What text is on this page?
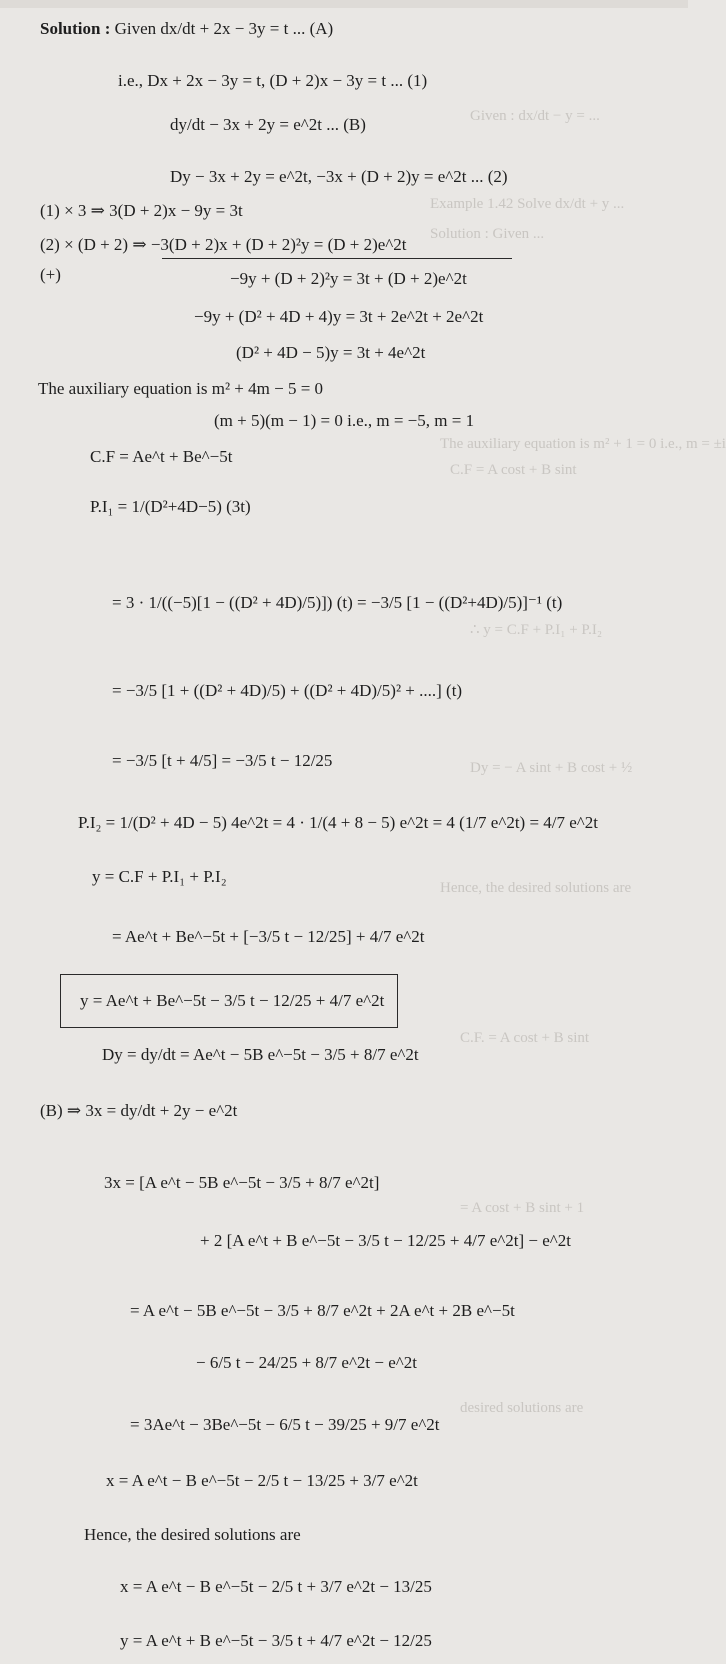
Given : dx/dt − y = ...
Example 1.42 Solve dx/dt + y ...
Solution : Given ...
The auxiliary equation is m² + 1 = 0 i.e., m = ±i
C.F = A cost + B sint
∴ y = C.F + P.I₁ + P.I₂
Dy = − A sint + B cost + ½
Hence, the desired solutions are
C.F. = A cost + B sint
= A cost + B sint + 1
desired solutions are
Solution : Given dx/dt + 2x − 3y = t ... (A)
i.e., Dx + 2x − 3y = t, (D + 2)x − 3y = t ... (1)
dy/dt − 3x + 2y = e^2t ... (B)
Dy − 3x + 2y = e^2t, −3x + (D + 2)y = e^2t ... (2)
(1) × 3 ⇒ 3(D + 2)x − 9y = 3t
(2) × (D + 2) ⇒ −3(D + 2)x + (D + 2)²y = (D + 2)e^2t
(+)	−9y + (D + 2)²y = 3t + (D + 2)e^2t
−9y + (D² + 4D + 4)y = 3t + 2e^2t + 2e^2t
(D² + 4D − 5)y = 3t + 4e^2t
The auxiliary equation is m² + 4m − 5 = 0
(m + 5)(m − 1) = 0 i.e., m = −5, m = 1
C.F = Ae^t + Be^−5t
P.I₁ = 1/(D²+4D−5) (3t)
= 3 · 1/((−5)[1 − ((D² + 4D)/5)]) (t) = −3/5 [1 − ((D²+4D)/5)]⁻¹ (t)
= −3/5 [1 + ((D² + 4D)/5) + ((D² + 4D)/5)² + ....] (t)
= −3/5 [t + 4/5] = −3/5 t − 12/25
P.I₂ = 1/(D² + 4D − 5) 4e^2t = 4 · 1/(4 + 8 − 5) e^2t = 4 (1/7 e^2t) = 4/7 e^2t
y = C.F + P.I₁ + P.I₂
= Ae^t + Be^−5t + [−3/5 t − 12/25] + 4/7 e^2t
y = Ae^t + Be^−5t − 3/5 t − 12/25 + 4/7 e^2t
Dy = dy/dt = Ae^t − 5B e^−5t − 3/5 + 8/7 e^2t
(B) ⇒ 3x = dy/dt + 2y − e^2t
3x = [A e^t − 5B e^−5t − 3/5 + 8/7 e^2t]
+ 2 [A e^t + B e^−5t − 3/5 t − 12/25 + 4/7 e^2t] − e^2t
= A e^t − 5B e^−5t − 3/5 + 8/7 e^2t + 2A e^t + 2B e^−5t
− 6/5 t − 24/25 + 8/7 e^2t − e^2t
= 3Ae^t − 3Be^−5t − 6/5 t − 39/25 + 9/7 e^2t
x = A e^t − B e^−5t − 2/5 t − 13/25 + 3/7 e^2t
Hence, the desired solutions are
x = A e^t − B e^−5t − 2/5 t + 3/7 e^2t − 13/25
y = A e^t + B e^−5t − 3/5 t + 4/7 e^2t − 12/25
